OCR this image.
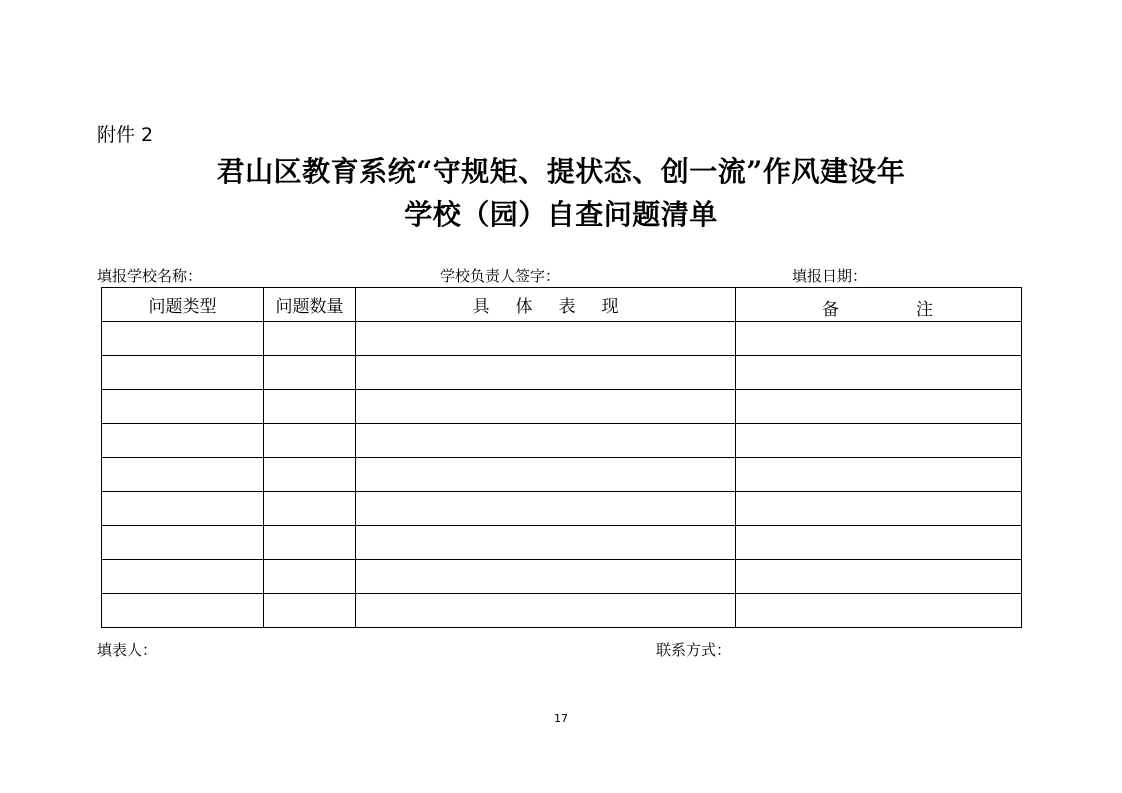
附件 2
君山区教育系统“守规矩、提状态、创一流”作风建设年
学校（园）自查问题清单
填报学校名称：	学校负责人签字：	填报日期：
问题类型	问题数量	具体表现	备 注

填表人：	联系方式：
17
